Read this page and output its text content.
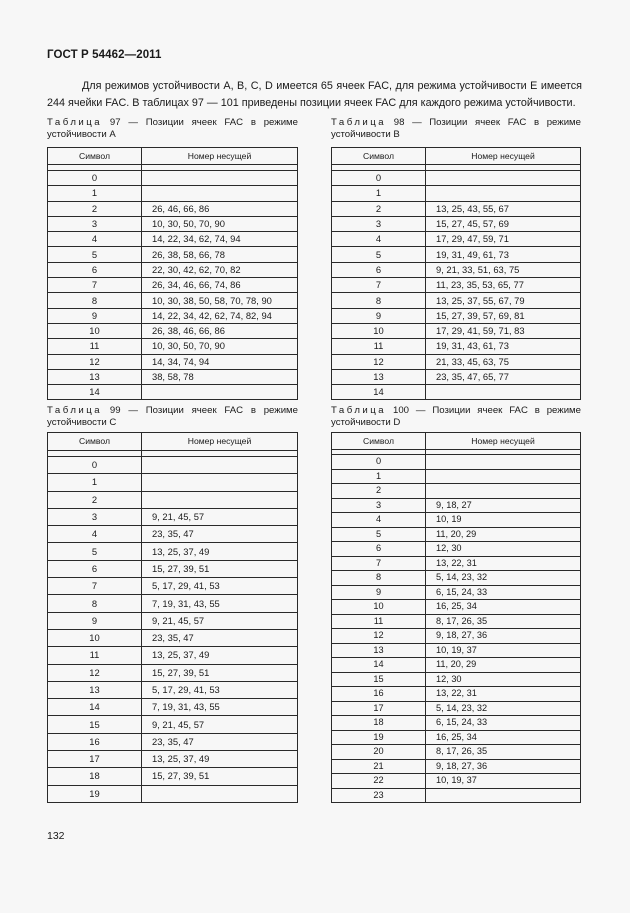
ГОСТ Р 54462—2011

Для режимов устойчивости A, B, C, D имеется 65 ячеек FAC, для режима устойчивости E имеется 244 ячейки FAC. В таблицах 97 — 101 приведены позиции ячеек FAC для каждого режима устойчивости.

Таблица 97 — Позиции ячеек FAC в режиме устойчивости A
Символ	Номер несущей

0	
1	
2	26, 46, 66, 86
3	10, 30, 50, 70, 90
4	14, 22, 34, 62, 74, 94
5	26, 38, 58, 66, 78
6	22, 30, 42, 62, 70, 82
7	26, 34, 46, 66, 74, 86
8	10, 30, 38, 50, 58, 70, 78, 90
9	14, 22, 34, 42, 62, 74, 82, 94
10	26, 38, 46, 66, 86
11	10, 30, 50, 70, 90
12	14, 34, 74, 94
13	38, 58, 78
14	
Таблица 98 — Позиции ячеек FAC в режиме устойчивости B
Символ	Номер несущей

0	
1	
2	13, 25, 43, 55, 67
3	15, 27, 45, 57, 69
4	17, 29, 47, 59, 71
5	19, 31, 49, 61, 73
6	9, 21, 33, 51, 63, 75
7	11, 23, 35, 53, 65, 77
8	13, 25, 37, 55, 67, 79
9	15, 27, 39, 57, 69, 81
10	17, 29, 41, 59, 71, 83
11	19, 31, 43, 61, 73
12	21, 33, 45, 63, 75
13	23, 35, 47, 65, 77
14	
Таблица 99 — Позиции ячеек FAC в режиме устойчивости C
Символ	Номер несущей

0	
1	
2	
3	9, 21, 45, 57
4	23, 35, 47
5	13, 25, 37, 49
6	15, 27, 39, 51
7	5, 17, 29, 41, 53
8	7, 19, 31, 43, 55
9	9, 21, 45, 57
10	23, 35, 47
11	13, 25, 37, 49
12	15, 27, 39, 51
13	5, 17, 29, 41, 53
14	7, 19, 31, 43, 55
15	9, 21, 45, 57
16	23, 35, 47
17	13, 25, 37, 49
18	15, 27, 39, 51
19	
Таблица 100 — Позиции ячеек FAC в режиме устойчивости D
Символ	Номер несущей

0	
1	
2	
3	9, 18, 27
4	10, 19
5	11, 20, 29
6	12, 30
7	13, 22, 31
8	5, 14, 23, 32
9	6, 15, 24, 33
10	16, 25, 34
11	8, 17, 26, 35
12	9, 18, 27, 36
13	10, 19, 37
14	11, 20, 29
15	12, 30
16	13, 22, 31
17	5, 14, 23, 32
18	6, 15, 24, 33
19	16, 25, 34
20	8, 17, 26, 35
21	9, 18, 27, 36
22	10, 19, 37
23	
132
